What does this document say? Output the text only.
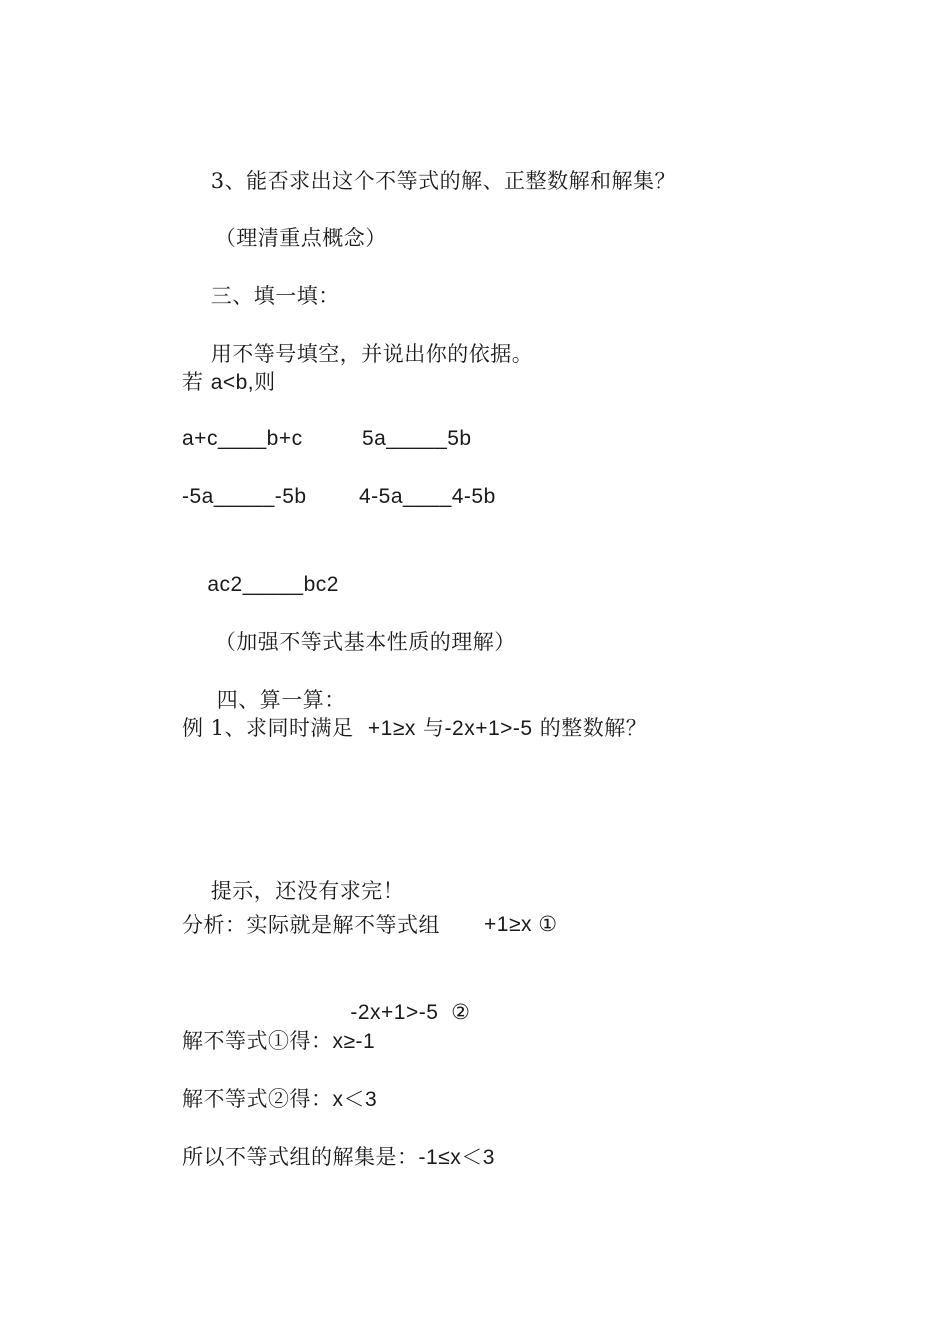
3、能否求出这个不等式的解、正整数解和解集？

（理清重点概念）

三、填一填：

用不等号填空，并说出你的依据。

若 a<b,则
a+c____b+c	5a_____5b
-5a_____-5b 4-5a____4-5b

ac2_____bc2

（加强不等式基本性质的理解）

四、算一算：

例 1、求同时满足  +1≥x 与-2x+1>-5 的整数解？

提示，还没有求完！

分析：实际就是解不等式组 +1≥x ①

-2x+1>-5  ②

解不等式①得：x≥-1
解不等式②得：x＜3
所以不等式组的解集是：-1≤x＜3
